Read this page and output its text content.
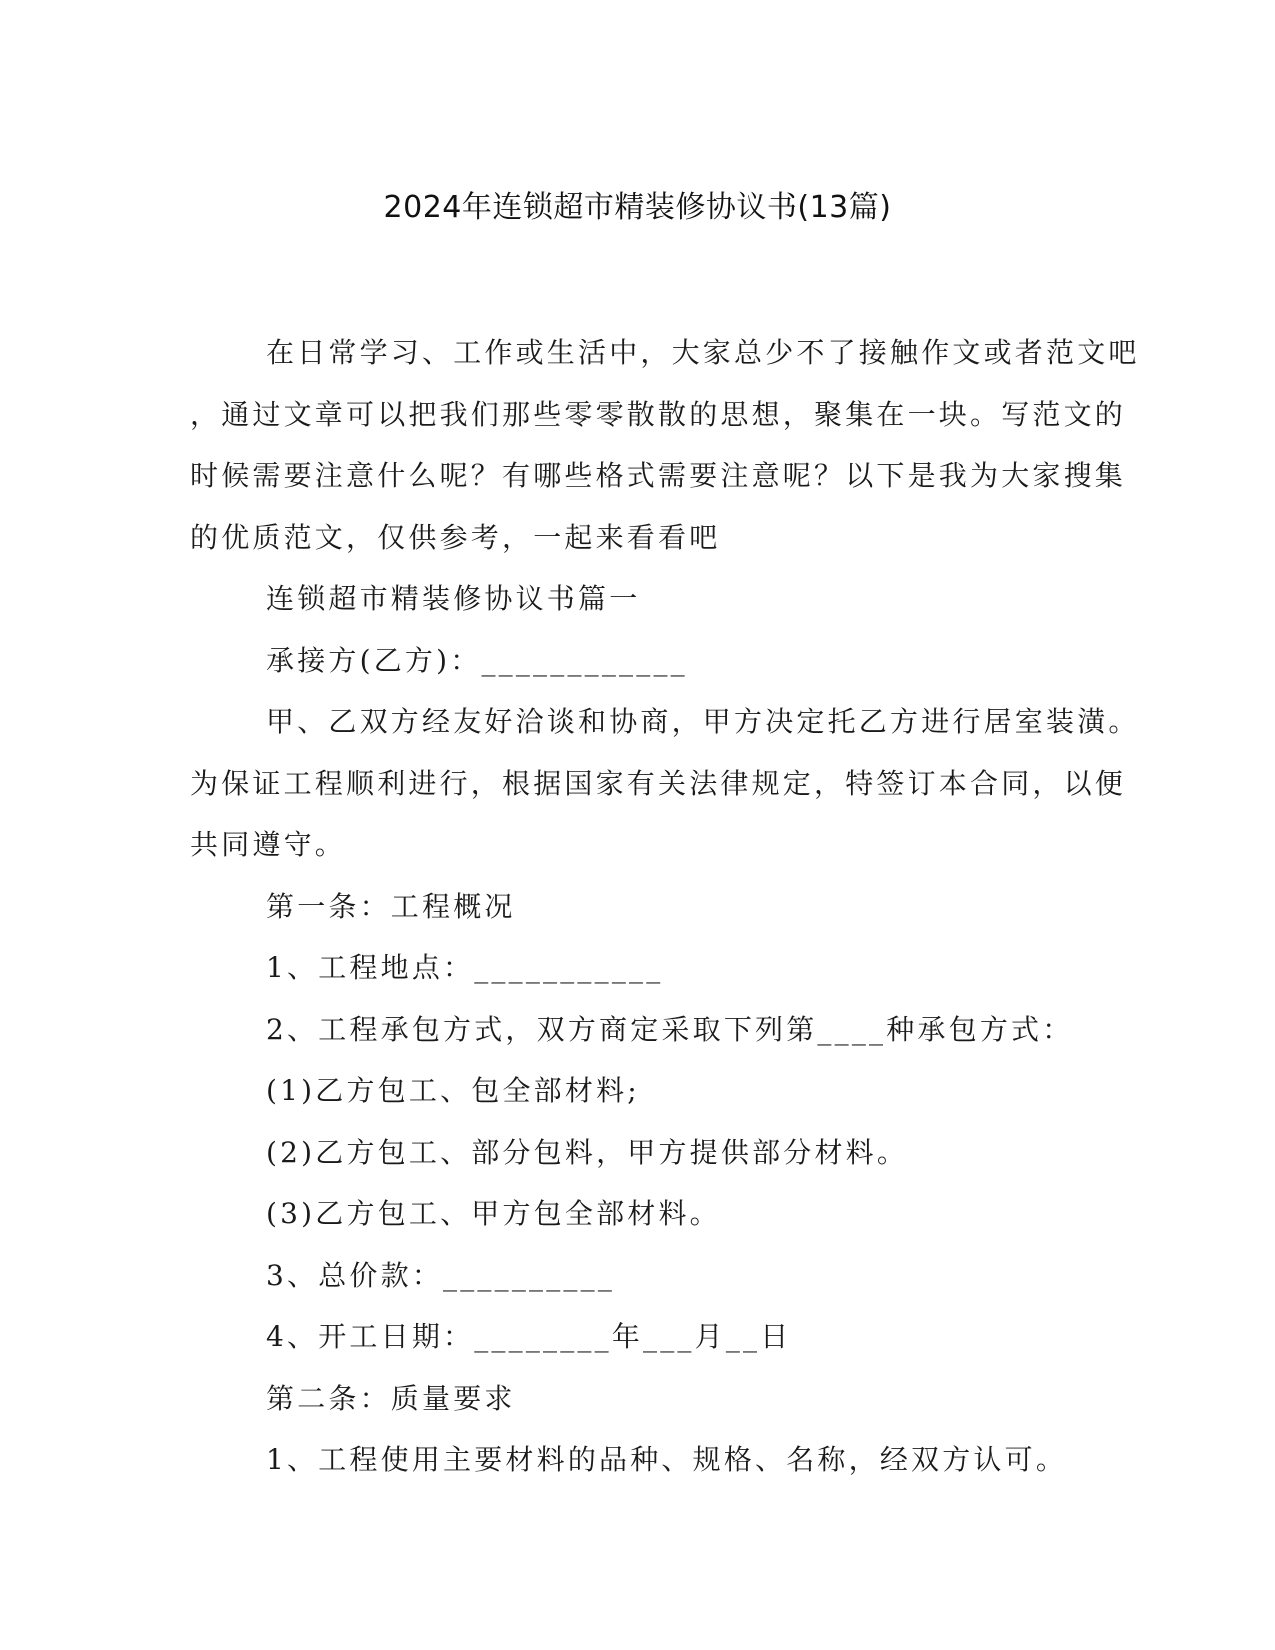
2024年连锁超市精装修协议书(13篇)

在日常学习、工作或生活中，大家总少不了接触作文或者范文吧

，通过文章可以把我们那些零零散散的思想，聚集在一块。写范文的

时候需要注意什么呢？有哪些格式需要注意呢？以下是我为大家搜集

的优质范文，仅供参考，一起来看看吧

连锁超市精装修协议书篇一

承接方(乙方)：____________

甲、乙双方经友好洽谈和协商，甲方决定托乙方进行居室装潢。

为保证工程顺利进行，根据国家有关法律规定，特签订本合同，以便

共同遵守。

第一条：工程概况

1、工程地点：___________

2、工程承包方式，双方商定采取下列第____种承包方式：

(1)乙方包工、包全部材料;

(2)乙方包工、部分包料，甲方提供部分材料。

(3)乙方包工、甲方包全部材料。

3、总价款：__________

4、开工日期：________年___月__日

第二条：质量要求

1、工程使用主要材料的品种、规格、名称，经双方认可。
